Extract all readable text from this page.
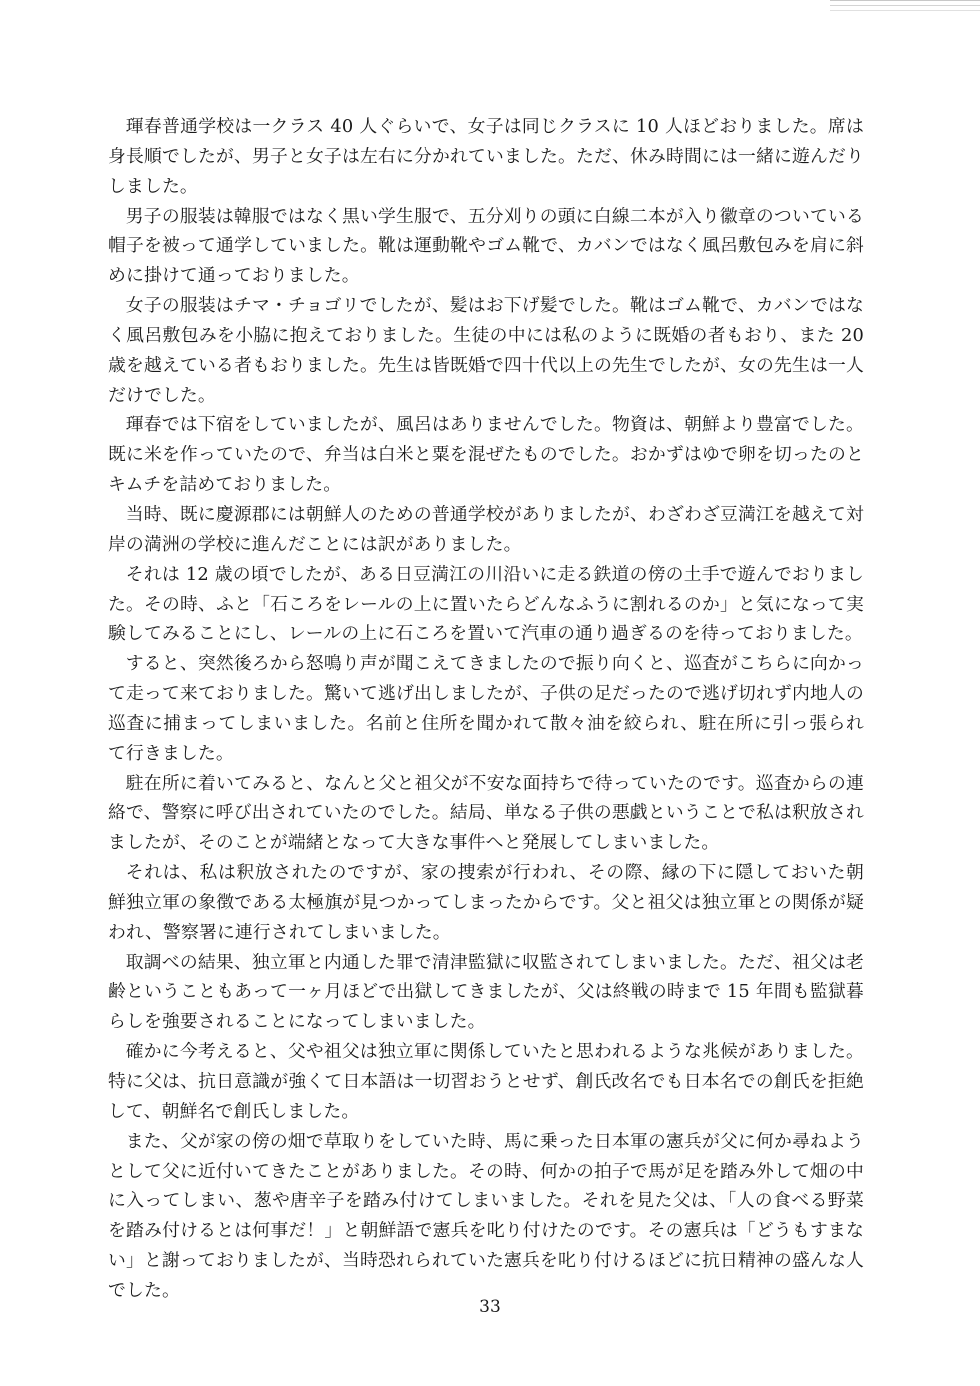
琿春普通学校は一クラス 40 人ぐらいで、女子は同じクラスに 10 人ほどおりました。席は身長順でしたが、男子と女子は左右に分かれていました。ただ、休み時間には一緒に遊んだりしました。

男子の服装は韓服ではなく黒い学生服で、五分刈りの頭に白線二本が入り徽章のついている帽子を被って通学していました。靴は運動靴やゴム靴で、カバンではなく風呂敷包みを肩に斜めに掛けて通っておりました。

女子の服装はチマ・チョゴリでしたが、髪はお下げ髪でした。靴はゴム靴で、カバンではなく風呂敷包みを小脇に抱えておりました。生徒の中には私のように既婚の者もおり、また 20 歳を越えている者もおりました。先生は皆既婚で四十代以上の先生でしたが、女の先生は一人だけでした。

琿春では下宿をしていましたが、風呂はありませんでした。物資は、朝鮮より豊富でした。既に米を作っていたので、弁当は白米と粟を混ぜたものでした。おかずはゆで卵を切ったのとキムチを詰めておりました。

当時、既に慶源郡には朝鮮人のための普通学校がありましたが、わざわざ豆満江を越えて対岸の満洲の学校に進んだことには訳がありました。

それは 12 歳の頃でしたが、ある日豆満江の川沿いに走る鉄道の傍の土手で遊んでおりました。その時、ふと「石ころをレールの上に置いたらどんなふうに割れるのか」と気になって実験してみることにし、レールの上に石ころを置いて汽車の通り過ぎるのを待っておりました。

すると、突然後ろから怒鳴り声が聞こえてきましたので振り向くと、巡査がこちらに向かって走って来ておりました。驚いて逃げ出しましたが、子供の足だったので逃げ切れず内地人の巡査に捕まってしまいました。名前と住所を聞かれて散々油を絞られ、駐在所に引っ張られて行きました。

駐在所に着いてみると、なんと父と祖父が不安な面持ちで待っていたのです。巡査からの連絡で、警察に呼び出されていたのでした。結局、単なる子供の悪戯ということで私は釈放されましたが、そのことが端緒となって大きな事件へと発展してしまいました。

それは、私は釈放されたのですが、家の捜索が行われ、その際、縁の下に隠しておいた朝鮮独立軍の象徴である太極旗が見つかってしまったからです。父と祖父は独立軍との関係が疑われ、警察署に連行されてしまいました。

取調べの結果、独立軍と内通した罪で清津監獄に収監されてしまいました。ただ、祖父は老齢ということもあって一ヶ月ほどで出獄してきましたが、父は終戦の時まで 15 年間も監獄暮らしを強要されることになってしまいました。

確かに今考えると、父や祖父は独立軍に関係していたと思われるような兆候がありました。特に父は、抗日意識が強くて日本語は一切習おうとせず、創氏改名でも日本名での創氏を拒絶して、朝鮮名で創氏しました。

また、父が家の傍の畑で草取りをしていた時、馬に乗った日本軍の憲兵が父に何か尋ねようとして父に近付いてきたことがありました。その時、何かの拍子で馬が足を踏み外して畑の中に入ってしまい、葱や唐辛子を踏み付けてしまいました。それを見た父は、「人の食べる野菜を踏み付けるとは何事だ！」と朝鮮語で憲兵を叱り付けたのです。その憲兵は「どうもすまない」と謝っておりましたが、当時恐れられていた憲兵を叱り付けるほどに抗日精神の盛んな人でした。

33
